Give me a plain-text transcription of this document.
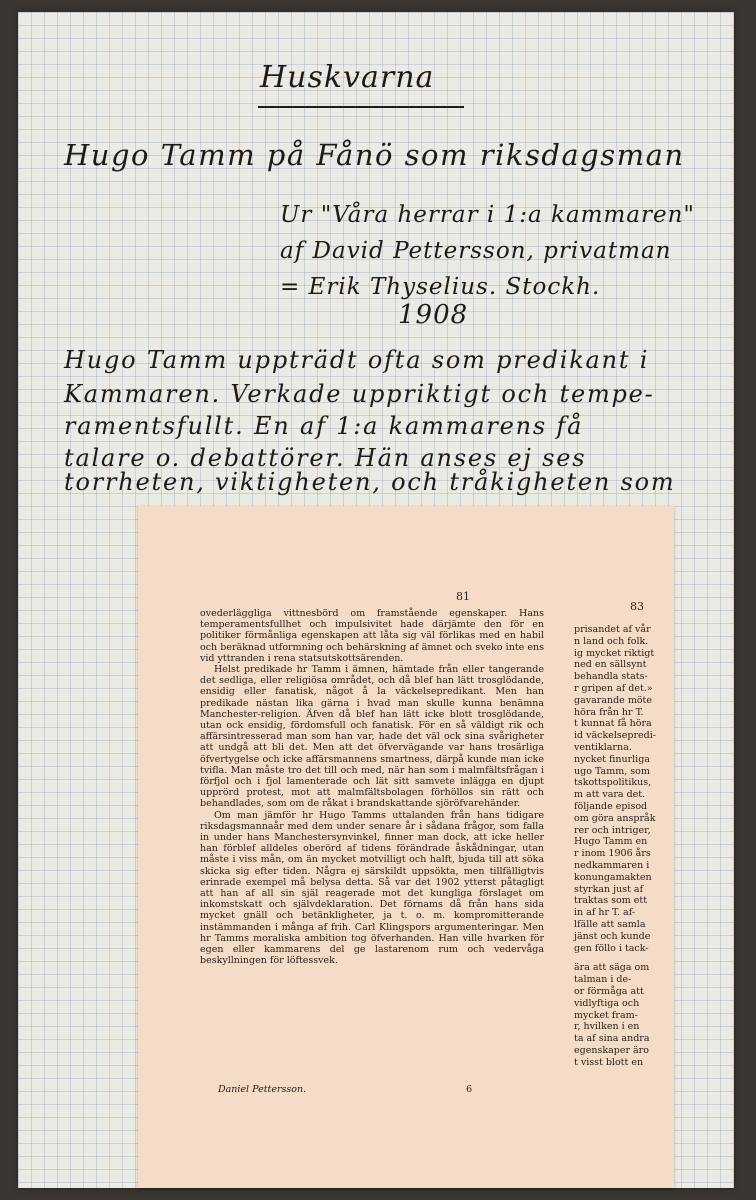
Huskvarna

Hugo Tamm på Fånö som riksdagsman

Ur "Våra herrar i 1:a kammaren"

af David Pettersson, privatman

= Erik Thyselius. Stockh.

1908

Hugo Tamm uppträdt ofta som predikant i

Kammaren. Verkade uppriktigt och tempe-

ramentsfullt. En af 1:a kammarens få

talare o. debattörer. Hän anses ej ses

torrheten, viktigheten, och tråkigheten som

81

83

ovederläggliga vittnesbörd om framstående egenskaper. Hans temperamentsfullhet och impulsivitet hade därjämte den för en politiker förmånliga egenskapen att låta sig väl förlikas med en habil och beräknad utformning och behärskning af ämnet och sveko inte ens vid yttranden i rena statsutskottsärenden.

Helst predikade hr Tamm i ämnen, hämtade från eller tangerande det sedliga, eller religiösa området, och då blef han lätt trosglödande, ensidig eller fanatisk, något å la väckelsepredikant. Men han predikade nästan lika gärna i hvad man skulle kunna benämna Manchester-religion. Äfven då blef han lätt icke blott trosglödande, utan ock ensidig, fördomsfull och fanatisk. För en så väldigt rik och affärsintresserad man som han var, hade det väl ock sina svårigheter att undgå att bli det. Men att det öfvervägande var hans trosärliga öfvertygelse och icke affärsmannens smartness, därpå kunde man icke tvifla. Man måste tro det till och med, när han som i malmfältsfrågan i förfjol och i fjol lamenterade och lät sitt samvete inlägga en djupt upprörd protest, mot att malmfältsbolagen förhöllos sin rätt och behandlades, som om de råkat i brandskattande sjöröfvarehänder.

Om man jämför hr Hugo Tamms uttalanden från hans tidigare riksdagsmannaår med dem under senare år i sådana frågor, som falla in under hans Manchestersynvinkel, finner man dock, att icke heller han förblef alldeles oberörd af tidens förändrade åskådningar, utan måste i viss mån, om än mycket motvilligt och halft, bjuda till att söka skicka sig efter tiden. Några ej särskildt uppsökta, men tillfälligtvis erinrade exempel må belysa detta. Så var det 1902 ytterst påtagligt att han af all sin själ reagerade mot det kungliga förslaget om inkomstskatt och självdeklaration. Det förnams då från hans sida mycket gnäll och betänkligheter, ja t. o. m. kompromitterande instämmanden i många af frih. Carl Klingspors argumenteringar. Men hr Tamms moraliska ambition tog öfverhanden. Han ville hvarken för egen eller kammarens del ge lastarenom rum och vedervåga beskyllningen för löftessvek.

Daniel Pettersson.	6

prisandet af vår
n land och folk.
ig mycket riktigt
ned en sällsynt
behandla stats-
r gripen af det.»
gavarande möte
höra från hr T.
t kunnat få höra
id väckelsepredi-
ventiklarna.
nycket finurliga
ugo Tamm, som
tskottspolitikus,
m att vara det.
följande episod
om göra anspråk
rer och intriger,
Hugo Tamm en
r inom 1906 års
nedkammaren i
konungamakten
styrkan just af
traktas som ett
in af hr T. af-
lfälle att samla
jänst och kunde
gen föllo i tack-
ära att säga om
talman i de-
or förmåga att
vidlyftiga och
mycket fram-
r, hvilken i en
ta af sina andra
egenskaper äro
t visst blott en
